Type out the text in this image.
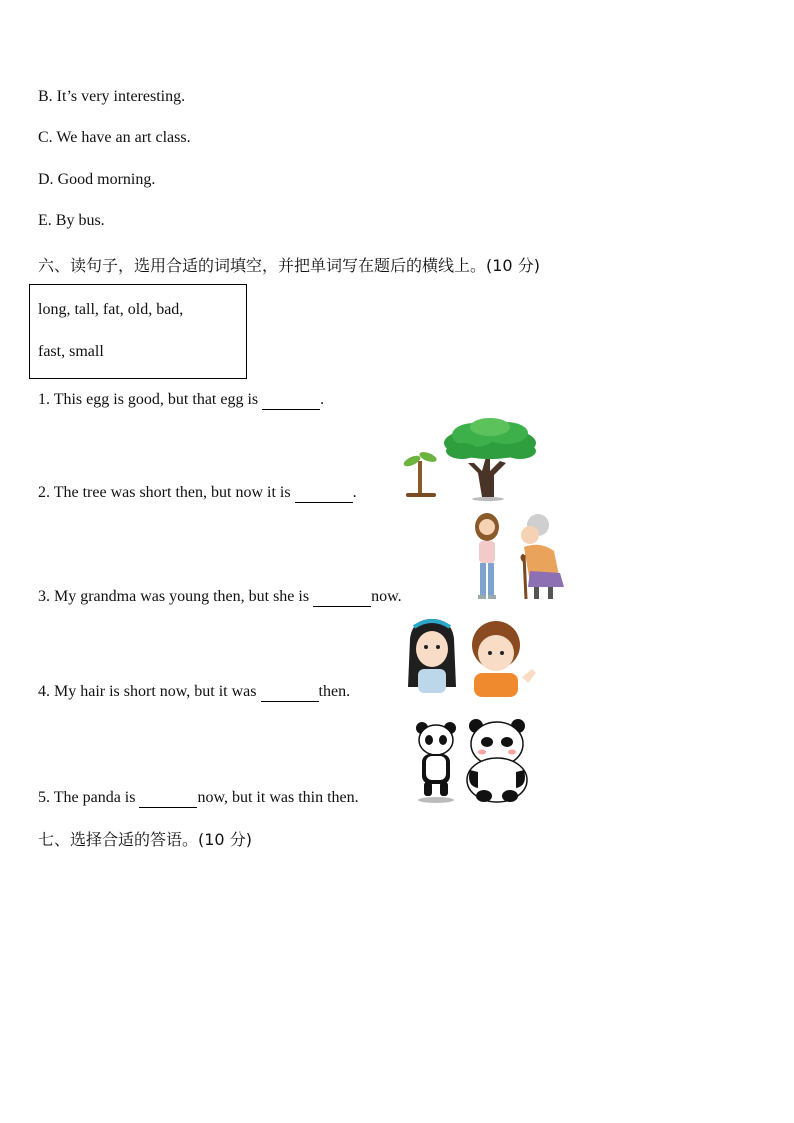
B. It’s very interesting.
C. We have an art class.
D. Good morning.
E. By bus.
六、读句子，选用合适的词填空，并把单词写在题后的横线上。(10 分)
long, tall, fat, old, bad,
fast, small
1. This egg is good, but that egg is	.
2. The tree was short then, but now it is	.
3. My grandma was young then, but she is	now.
4. My hair is short now, but it was	then.
5. The panda is	now, but it was thin then.
七、选择合适的答语。(10 分)
